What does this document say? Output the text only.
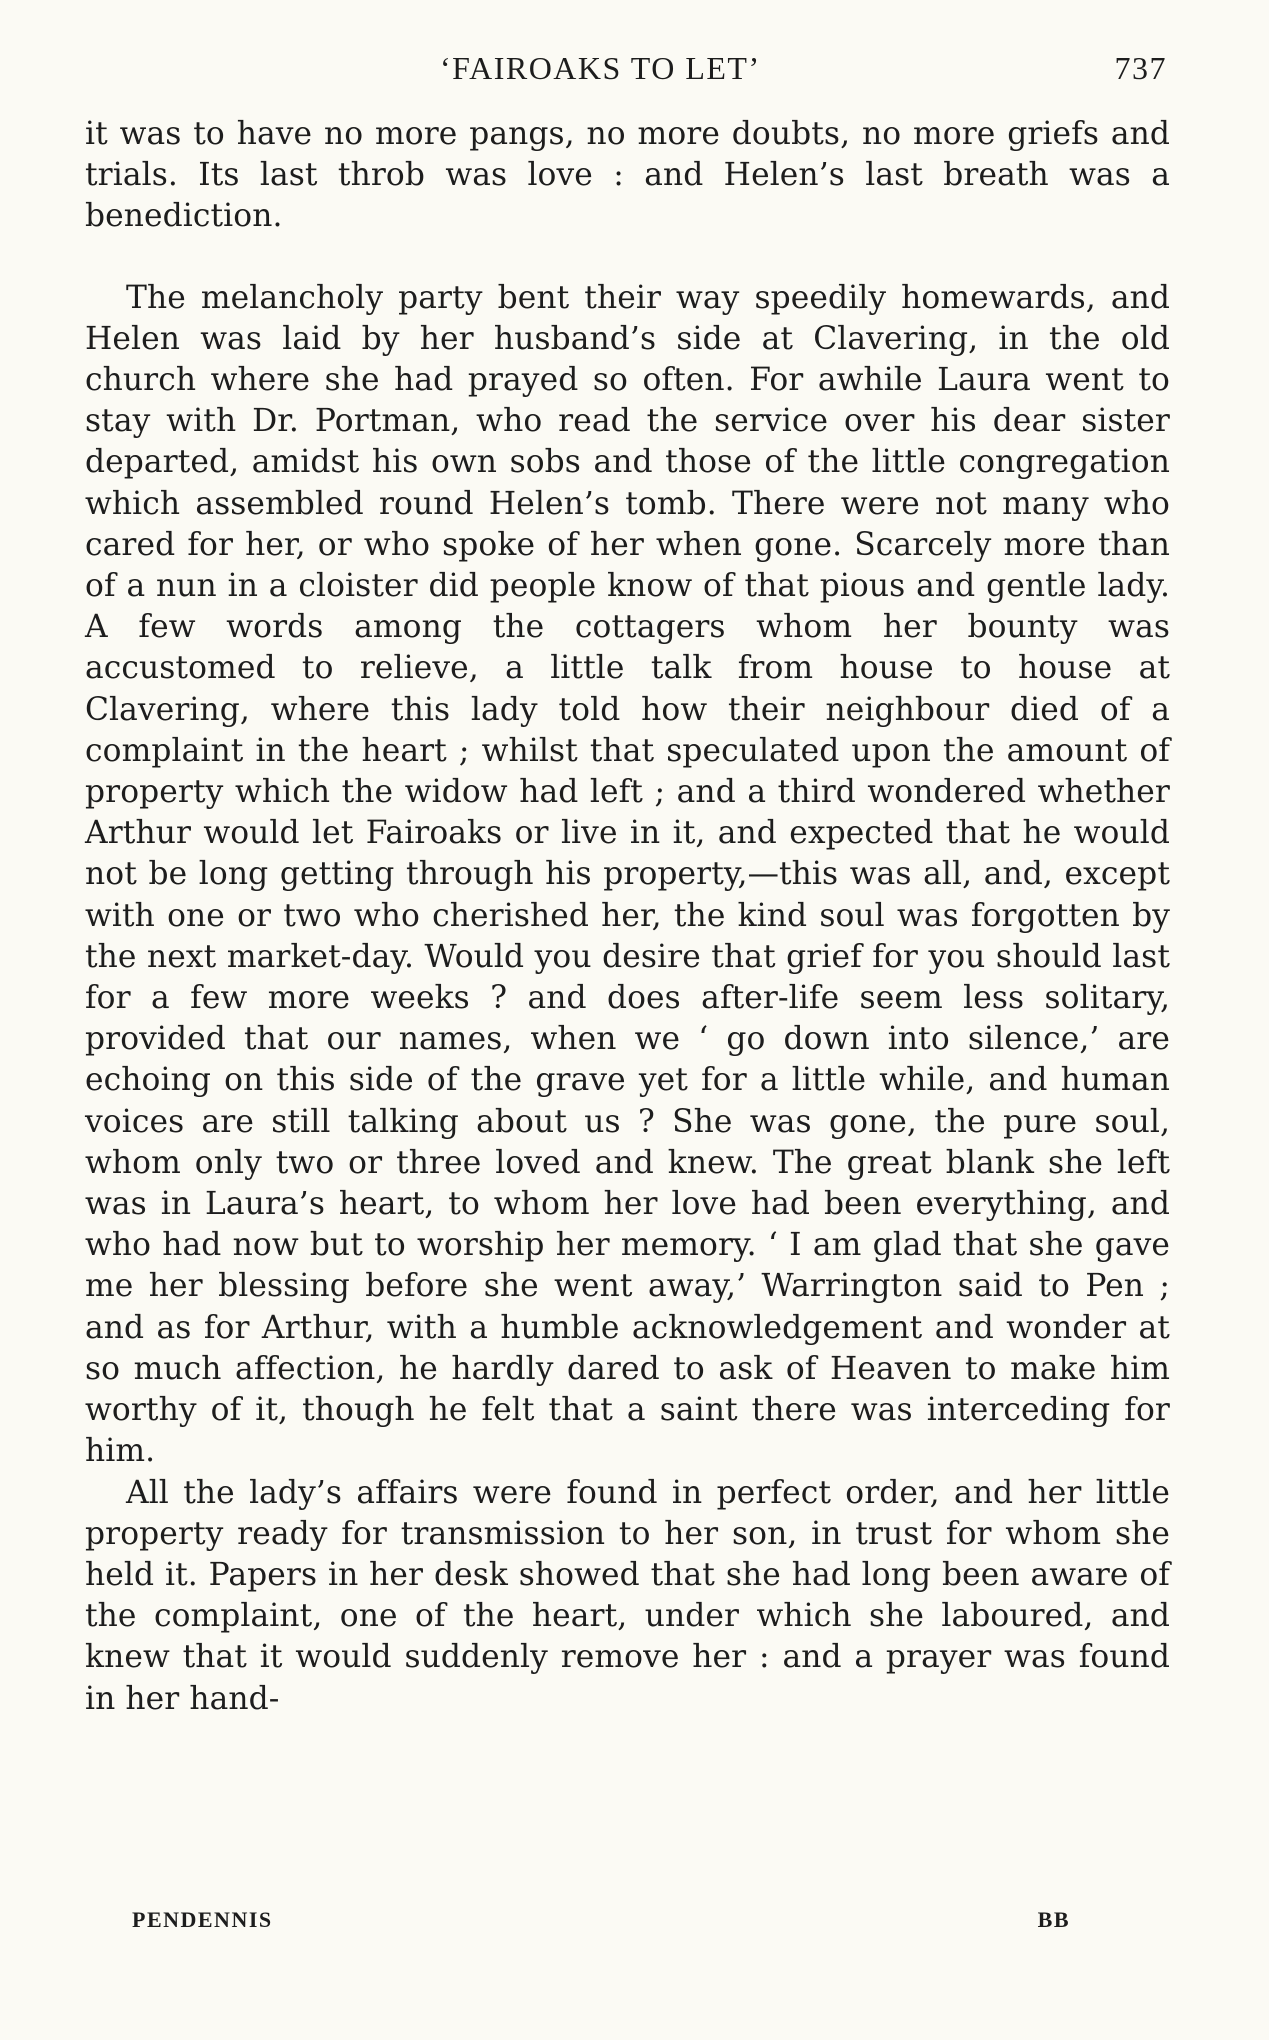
‘FAIROAKS TO LET’	737

it was to have no more pangs, no more doubts, no more griefs and trials. Its last throb was love : and Helen’s last breath was a benediction.

The melancholy party bent their way speedily homewards, and Helen was laid by her husband’s side at Clavering, in the old church where she had prayed so often. For awhile Laura went to stay with Dr. Portman, who read the service over his dear sister departed, amidst his own sobs and those of the little congregation which assembled round Helen’s tomb. There were not many who cared for her, or who spoke of her when gone. Scarcely more than of a nun in a cloister did people know of that pious and gentle lady. A few words among the cottagers whom her bounty was accustomed to relieve, a little talk from house to house at Clavering, where this lady told how their neighbour died of a complaint in the heart ; whilst that speculated upon the amount of property which the widow had left ; and a third wondered whether Arthur would let Fairoaks or live in it, and expected that he would not be long getting through his property,—this was all, and, except with one or two who cherished her, the kind soul was forgotten by the next market-day. Would you desire that grief for you should last for a few more weeks ? and does after-life seem less solitary, provided that our names, when we ‘ go down into silence,’ are echoing on this side of the grave yet for a little while, and human voices are still talking about us ? She was gone, the pure soul, whom only two or three loved and knew. The great blank she left was in Laura’s heart, to whom her love had been everything, and who had now but to worship her memory. ‘ I am glad that she gave me her blessing before she went away,’ Warrington said to Pen ; and as for Arthur, with a humble acknowledgement and wonder at so much affection, he hardly dared to ask of Heaven to make him worthy of it, though he felt that a saint there was interceding for him.

All the lady’s affairs were found in perfect order, and her little property ready for transmission to her son, in trust for whom she held it. Papers in her desk showed that she had long been aware of the complaint, one of the heart, under which she laboured, and knew that it would suddenly remove her : and a prayer was found in her hand-

PENDENNIS	BB
